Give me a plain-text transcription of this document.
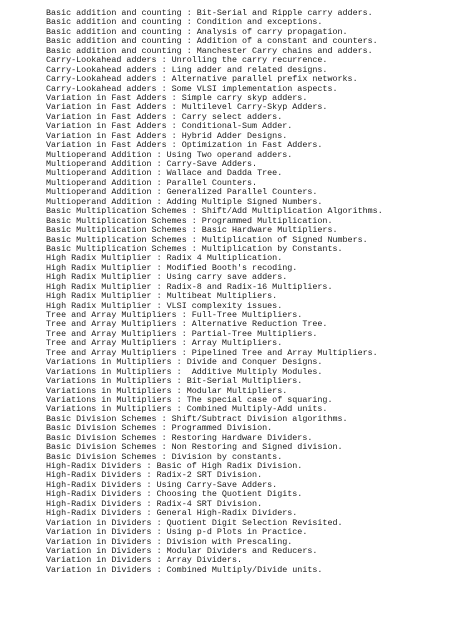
Basic addition and counting : Bit-Serial and Ripple carry adders.
Basic addition and counting : Condition and exceptions.
Basic addition and counting : Analysis of carry propagation.
Basic addition and counting : Addition of a constant and counters.
Basic addition and counting : Manchester Carry chains and adders.
Carry-Lookahead adders : Unrolling the carry recurrence.
Carry-Lookahead adders : Ling adder and related designs.
Carry-Lookahead adders : Alternative parallel prefix networks.
Carry-Lookahead adders : Some VLSI implementation aspects.
Variation in Fast Adders : Simple carry skyp adders.
Variation in Fast Adders : Multilevel Carry-Skyp Adders.
Variation in Fast Adders : Carry select adders.
Variation in Fast Adders : Conditional-Sum Adder.
Variation in Fast Adders : Hybrid Adder Designs.
Variation in Fast Adders : Optimization in Fast Adders.
Multioperand Addition : Using Two operand adders.
Multioperand Addition : Carry-Save Adders.
Multioperand Addition : Wallace and Dadda Tree.
Multioperand Addition : Parallel Counters.
Multioperand Addition : Generalized Parallel Counters.
Multioperand Addition : Adding Multiple Signed Numbers.
Basic Multiplication Schemes : Shift/Add Multiplication Algorithms.
Basic Multiplication Schemes : Programmed Multiplication.
Basic Multiplication Schemes : Basic Hardware Multipliers.
Basic Multiplication Schemes : Multiplication of Signed Numbers.
Basic Multiplication Schemes : Multiplication by Constants.
High Radix Multiplier : Radix 4 Multiplication.
High Radix Multiplier : Modified Booth's recoding.
High Radix Multiplier : Using carry save adders.
High Radix Multiplier : Radix-8 and Radix-16 Multipliers.
High Radix Multiplier : Multibeat Multipliers.
High Radix Multiplier : VLSI complexity issues.
Tree and Array Multipliers : Full-Tree Multipliers.
Tree and Array Multipliers : Alternative Reduction Tree.
Tree and Array Multipliers : Partial-Tree Multipliers.
Tree and Array Multipliers : Array Multipliers.
Tree and Array Multipliers : Pipelined Tree and Array Multipliers.
Variations in Multipliers : Divide and Conquer Designs.
Variations in Multipliers :  Additive Multiply Modules.
Variations in Multipliers : Bit-Serial Multipliers.
Variations in Multipliers : Modular Multipliers.
Variations in Multipliers : The special case of squaring.
Variations in Multipliers : Combined Multiply-Add units.
Basic Division Schemes : Shift/Subtract Division algorithms.
Basic Division Schemes : Programmed Division.
Basic Division Schemes : Restoring Hardware Dividers.
Basic Division Schemes : Non Restoring and Signed division.
Basic Division Schemes : Division by constants.
High-Radix Dividers : Basic of High Radix Division.
High-Radix Dividers : Radix-2 SRT Division.
High-Radix Dividers : Using Carry-Save Adders.
High-Radix Dividers : Choosing the Quotient Digits.
High-Radix Dividers : Radix-4 SRT Division.
High-Radix Dividers : General High-Radix Dividers.
Variation in Dividers : Quotient Digit Selection Revisited.
Variation in Dividers : Using p-d Plots in Practice.
Variation in Dividers : Division with Prescaling.
Variation in Dividers : Modular Dividers and Reducers.
Variation in Dividers : Array Dividers.
Variation in Dividers : Combined Multiply/Divide units.
